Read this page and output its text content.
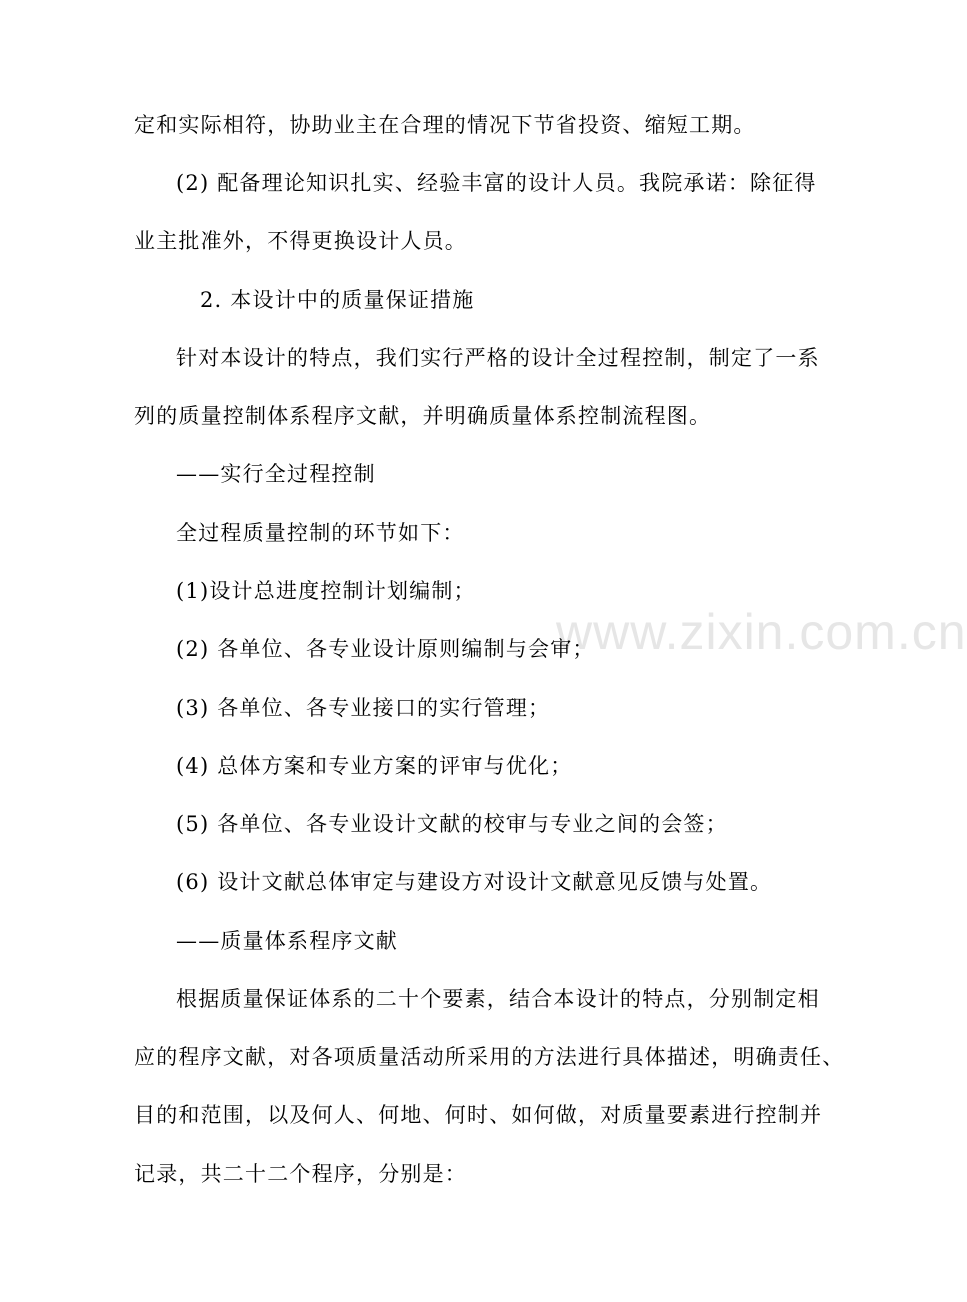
www.zixin.com.cn
定和实际相符，协助业主在合理的情况下节省投资、缩短工期。
(2) 配备理论知识扎实、经验丰富的设计人员。我院承诺：除征得
业主批准外，不得更换设计人员。
2. 本设计中的质量保证措施
针对本设计的特点，我们实行严格的设计全过程控制，制定了一系
列的质量控制体系程序文献，并明确质量体系控制流程图。
——实行全过程控制
全过程质量控制的环节如下：
(1)设计总进度控制计划编制；
(2) 各单位、各专业设计原则编制与会审；
(3) 各单位、各专业接口的实行管理；
(4) 总体方案和专业方案的评审与优化；
(5) 各单位、各专业设计文献的校审与专业之间的会签；
(6) 设计文献总体审定与建设方对设计文献意见反馈与处置。
——质量体系程序文献
根据质量保证体系的二十个要素，结合本设计的特点，分别制定相
应的程序文献，对各项质量活动所采用的方法进行具体描述，明确责任、
目的和范围，以及何人、何地、何时、如何做，对质量要素进行控制并
记录，共二十二个程序，分别是：
